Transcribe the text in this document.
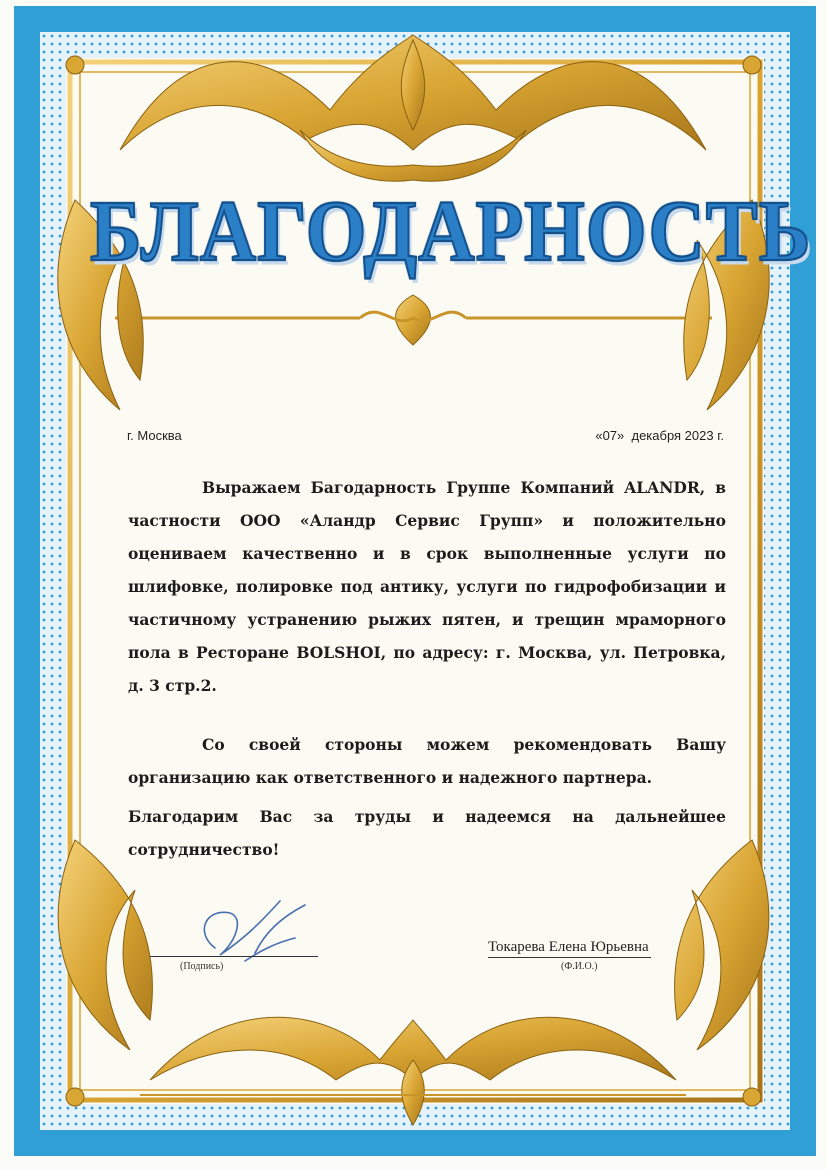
БЛАГОДАРНОСТЬ
г. Москва	«07»  декабря 2023 г.
Выражаем Багодарность Группе Компаний ALANDR, в частности ООО «Аландр Сервис Групп» и положительно оцениваем качественно и в срок выполненные услуги по шлифовке, полировке под антику, услуги по гидрофобизации и частичному устранению рыжих пятен, и трещин мраморного пола в Ресторане BOLSHOI, по адресу: г. Москва, ул. Петровка, д. 3 стр.2.
Со своей стороны можем рекомендовать Вашу организацию как ответственного и надежного партнера.
Благодарим Вас за труды и надеемся на дальнейшее сотрудничество!
(Подпись)
Токарева Елена Юрьевна
(Ф.И.О.)
